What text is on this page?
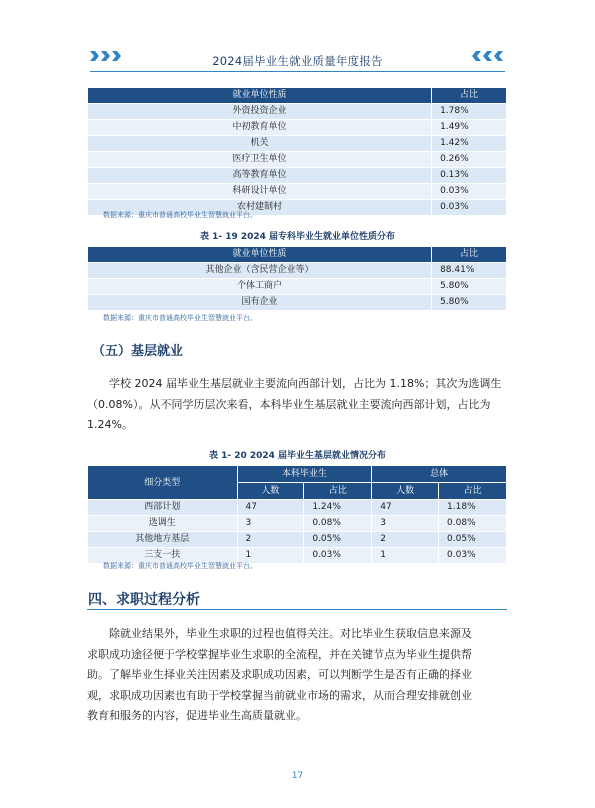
2024届毕业生就业质量年度报告
就业单位性质	占比
外资投资企业	1.78%
中初教育单位	1.49%
机关	1.42%
医疗卫生单位	0.26%
高等教育单位	0.13%
科研设计单位	0.03%
农村建制村	0.03%
数据来源：重庆市普通高校毕业生智慧就业平台。
表 1- 19 2024 届专科毕业生就业单位性质分布
就业单位性质	占比
其他企业（含民营企业等）	88.41%
个体工商户	5.80%
国有企业	5.80%
数据来源：重庆市普通高校毕业生智慧就业平台。
（五）基层就业
学校 2024 届毕业生基层就业主要流向西部计划，占比为 1.18%；其次为选调生
（0.08%）。从不同学历层次来看，本科毕业生基层就业主要流向西部计划，占比为
1.24%。
表 1- 20 2024 届毕业生基层就业情况分布
细分类型	本科毕业生		总体	
	人数	占比	人数	占比
西部计划	47	1.24%	47	1.18%
选调生	3	0.08%	3	0.08%
其他地方基层	2	0.05%	2	0.05%
三支一扶	1	0.03%	1	0.03%
数据来源：重庆市普通高校毕业生智慧就业平台。
四、求职过程分析
除就业结果外，毕业生求职的过程也值得关注。对比毕业生获取信息来源及
求职成功途径便于学校掌握毕业生求职的全流程，并在关键节点为毕业生提供帮
助。了解毕业生择业关注因素及求职成功因素，可以判断学生是否有正确的择业
观，求职成功因素也有助于学校掌握当前就业市场的需求，从而合理安排就创业
教育和服务的内容，促进毕业生高质量就业。
17
